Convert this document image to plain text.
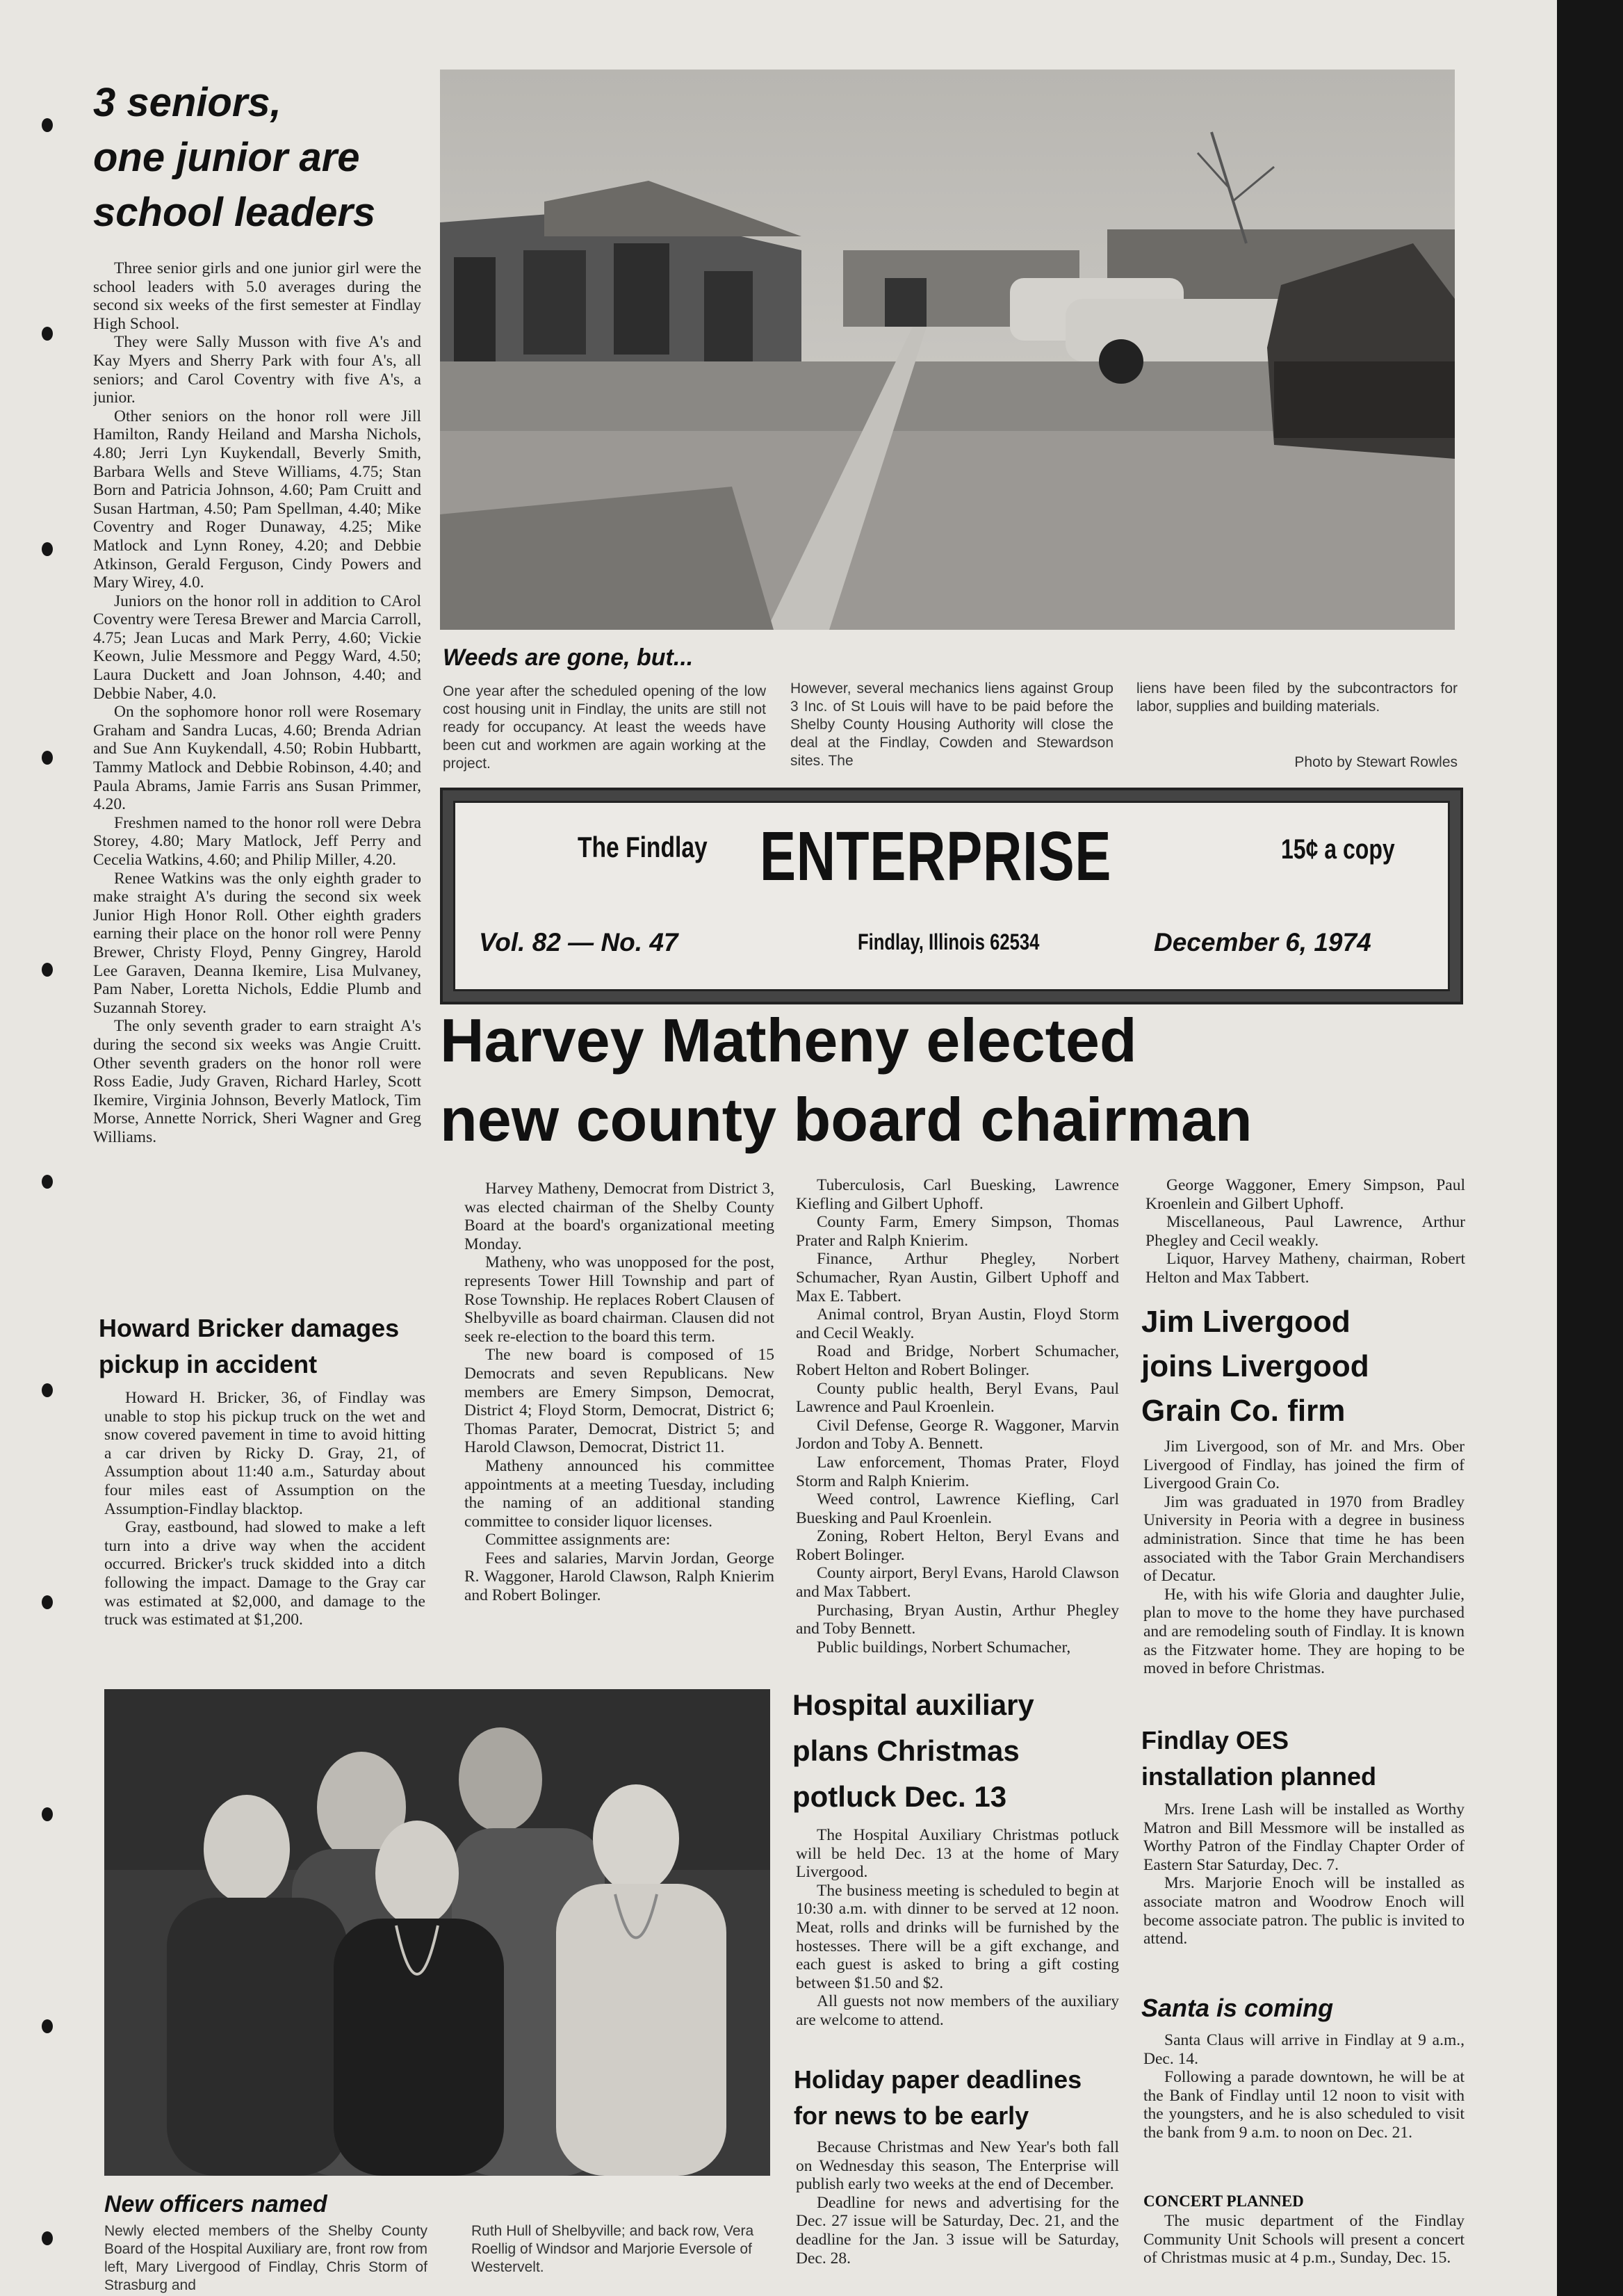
3 seniors,
one junior are
school leaders

Three senior girls and one junior girl were the school leaders with 5.0 averages during the second six weeks of the first semester at Findlay High School.

They were Sally Musson with five A's and Kay Myers and Sherry Park with four A's, all seniors; and Carol Coventry with five A's, a junior.

Other seniors on the honor roll were Jill Hamilton, Randy Heiland and Marsha Nichols, 4.80; Jerri Lyn Kuykendall, Beverly Smith, Barbara Wells and Steve Williams, 4.75; Stan Born and Patricia Johnson, 4.60; Pam Cruitt and Susan Hartman, 4.50; Pam Spellman, 4.40; Mike Coventry and Roger Dunaway, 4.25; Mike Matlock and Lynn Roney, 4.20; and Debbie Atkinson, Gerald Ferguson, Cindy Powers and Mary Wirey, 4.0.

Juniors on the honor roll in addition to CArol Coventry were Teresa Brewer and Marcia Carroll, 4.75; Jean Lucas and Mark Perry, 4.60; Vickie Keown, Julie Messmore and Peggy Ward, 4.50; Laura Duckett and Joan Johnson, 4.40; and Debbie Naber, 4.0.

On the sophomore honor roll were Rosemary Graham and Sandra Lucas, 4.60; Brenda Adrian and Sue Ann Kuykendall, 4.50; Robin Hubbartt, Tammy Matlock and Debbie Robinson, 4.40; and Paula Abrams, Jamie Farris ans Susan Primmer, 4.20.

Freshmen named to the honor roll were Debra Storey, 4.80; Mary Matlock, Jeff Perry and Cecelia Watkins, 4.60; and Philip Miller, 4.20.

Renee Watkins was the only eighth grader to make straight A's during the second six week Junior High Honor Roll. Other eighth graders earning their place on the honor roll were Penny Brewer, Christy Floyd, Penny Gingrey, Harold Lee Garaven, Deanna Ikemire, Lisa Mulvaney, Pam Naber, Loretta Nichols, Eddie Plumb and Suzannah Storey.

The only seventh grader to earn straight A's during the second six weeks was Angie Cruitt. Other seventh graders on the honor roll were Ross Eadie, Judy Graven, Richard Harley, Scott Ikemire, Virginia Johnson, Beverly Matlock, Tim Morse, Annette Norrick, Sheri Wagner and Greg Williams.

Howard Bricker damages
pickup in accident

Howard H. Bricker, 36, of Findlay was unable to stop his pickup truck on the wet and snow covered pavement in time to avoid hitting a car driven by Ricky D. Gray, 21, of Assumption about 11:40 a.m., Saturday about four miles east of Assumption on the Assumption-Findlay blacktop.

Gray, eastbound, had slowed to make a left turn into a drive way when the accident occurred. Bricker's truck skidded into a ditch following the impact. Damage to the Gray car was estimated at $2,000, and damage to the truck was estimated at $1,200.

Weeds are gone, but...
One year after the scheduled opening of the low cost housing unit in Findlay, the units are still not ready for occupancy. At least the weeds have been cut and workmen are again working at the project.
However, several mechanics liens against Group 3 Inc. of St Louis will have to be paid before the Shelby County Housing Authority will close the deal at the Findlay, Cowden and Stewardson sites. The
liens have been filed by the subcontractors for labor, supplies and building materials.
Photo by Stewart Rowles
The Findlay ENTERPRISE	15¢ a copy
Vol. 82 — No. 47	Findlay, Illinois 62534	December 6, 1974
Harvey Matheny elected
new county board chairman

Harvey Matheny, Democrat from District 3, was elected chairman of the Shelby County Board at the board's organizational meeting Monday.

Matheny, who was unopposed for the post, represents Tower Hill Township and part of Rose Township. He replaces Robert Clausen of Shelbyville as board chairman. Clausen did not seek re-election to the board this term.

The new board is composed of 15 Democrats and seven Republicans. New members are Emery Simpson, Democrat, District 4; Floyd Storm, Democrat, District 6; Thomas Parater, Democrat, District 5; and Harold Clawson, Democrat, District 11.

Matheny announced his committee appointments at a meeting Tuesday, including the naming of an additional standing committee to consider liquor licenses.

Committee assignments are:

Fees and salaries, Marvin Jordan, George R. Waggoner, Harold Clawson, Ralph Knierim and Robert Bolinger.

Tuberculosis, Carl Buesking, Lawrence Kiefling and Gilbert Uphoff.

County Farm, Emery Simpson, Thomas Prater and Ralph Knierim.

Finance, Arthur Phegley, Norbert Schumacher, Ryan Austin, Gilbert Uphoff and Max E. Tabbert.

Animal control, Bryan Austin, Floyd Storm and Cecil Weakly.

Road and Bridge, Norbert Schumacher, Robert Helton and Robert Bolinger.

County public health, Beryl Evans, Paul Lawrence and Paul Kroenlein.

Civil Defense, George R. Waggoner, Marvin Jordon and Toby A. Bennett.

Law enforcement, Thomas Prater, Floyd Storm and Ralph Knierim.

Weed control, Lawrence Kiefling, Carl Buesking and Paul Kroenlein.

Zoning, Robert Helton, Beryl Evans and Robert Bolinger.

County airport, Beryl Evans, Harold Clawson and Max Tabbert.

Purchasing, Bryan Austin, Arthur Phegley and Toby Bennett.

Public buildings, Norbert Schumacher,

George Waggoner, Emery Simpson, Paul Kroenlein and Gilbert Uphoff.

Miscellaneous, Paul Lawrence, Arthur Phegley and Cecil weakly.

Liquor, Harvey Matheny, chairman, Robert Helton and Max Tabbert.

Jim Livergood
joins Livergood
Grain Co. firm

Jim Livergood, son of Mr. and Mrs. Ober Livergood of Findlay, has joined the firm of Livergood Grain Co.

Jim was graduated in 1970 from Bradley University in Peoria with a degree in business administration. Since that time he has been associated with the Tabor Grain Merchandisers of Decatur.

He, with his wife Gloria and daughter Julie, plan to move to the home they have purchased and are remodeling south of Findlay. It is known as the Fitzwater home. They are hoping to be moved in before Christmas.

Findlay OES
installation planned

Mrs. Irene Lash will be installed as Worthy Matron and Bill Messmore will be installed as Worthy Patron of the Findlay Chapter Order of Eastern Star Saturday, Dec. 7.

Mrs. Marjorie Enoch will be installed as associate matron and Woodrow Enoch will become associate patron. The public is invited to attend.

Santa is coming

Santa Claus will arrive in Findlay at 9 a.m., Dec. 14.

Following a parade downtown, he will be at the Bank of Findlay until 12 noon to visit with the youngsters, and he is also scheduled to visit the bank from 9 a.m. to noon on Dec. 21.

CONCERT PLANNED

The music department of the Findlay Community Unit Schools will present a concert of Christmas music at 4 p.m., Sunday, Dec. 15.

New officers named
Newly elected members of the Shelby County Board of the Hospital Auxiliary are, front row from left, Mary Livergood of Findlay, Chris Storm of Strasburg and
Ruth Hull of Shelbyville; and back row, Vera Roellig of Windsor and Marjorie Eversole of Westervelt.
Hospital auxiliary
plans Christmas
potluck Dec. 13

The Hospital Auxiliary Christmas potluck will be held Dec. 13 at the home of Mary Livergood.

The business meeting is scheduled to begin at 10:30 a.m. with dinner to be served at 12 noon. Meat, rolls and drinks will be furnished by the hostesses. There will be a gift exchange, and each guest is asked to bring a gift costing between $1.50 and $2.

All guests not now members of the auxiliary are welcome to attend.

Holiday paper deadlines
for news to be early

Because Christmas and New Year's both fall on Wednesday this season, The Enterprise will publish early two weeks at the end of December.

Deadline for news and advertising for the Dec. 27 issue will be Saturday, Dec. 21, and the deadline for the Jan. 3 issue will be Saturday, Dec. 28.
